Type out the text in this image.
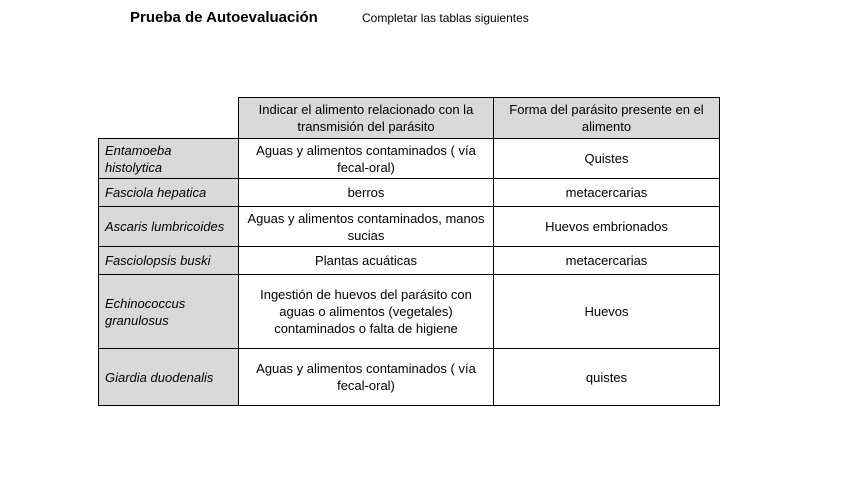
Prueba de Autoevaluación	Completar las tablas siguientes
	Indicar el alimento relacionado con la transmisión del parásito	Forma del parásito presente en el alimento
Entamoeba histolytica	Aguas y alimentos contaminados ( vía fecal-oral)	Quistes
Fasciola hepatica	berros	metacercarias
Ascaris lumbricoides	Aguas y alimentos contaminados, manos sucias	Huevos embrionados
Fasciolopsis buski	Plantas acuáticas	metacercarias
Echinococcus granulosus	Ingestión de huevos del parásito con aguas o alimentos (vegetales) contaminados o falta de higiene	Huevos
Giardia duodenalis	Aguas y alimentos contaminados ( vía fecal-oral)	quistes
